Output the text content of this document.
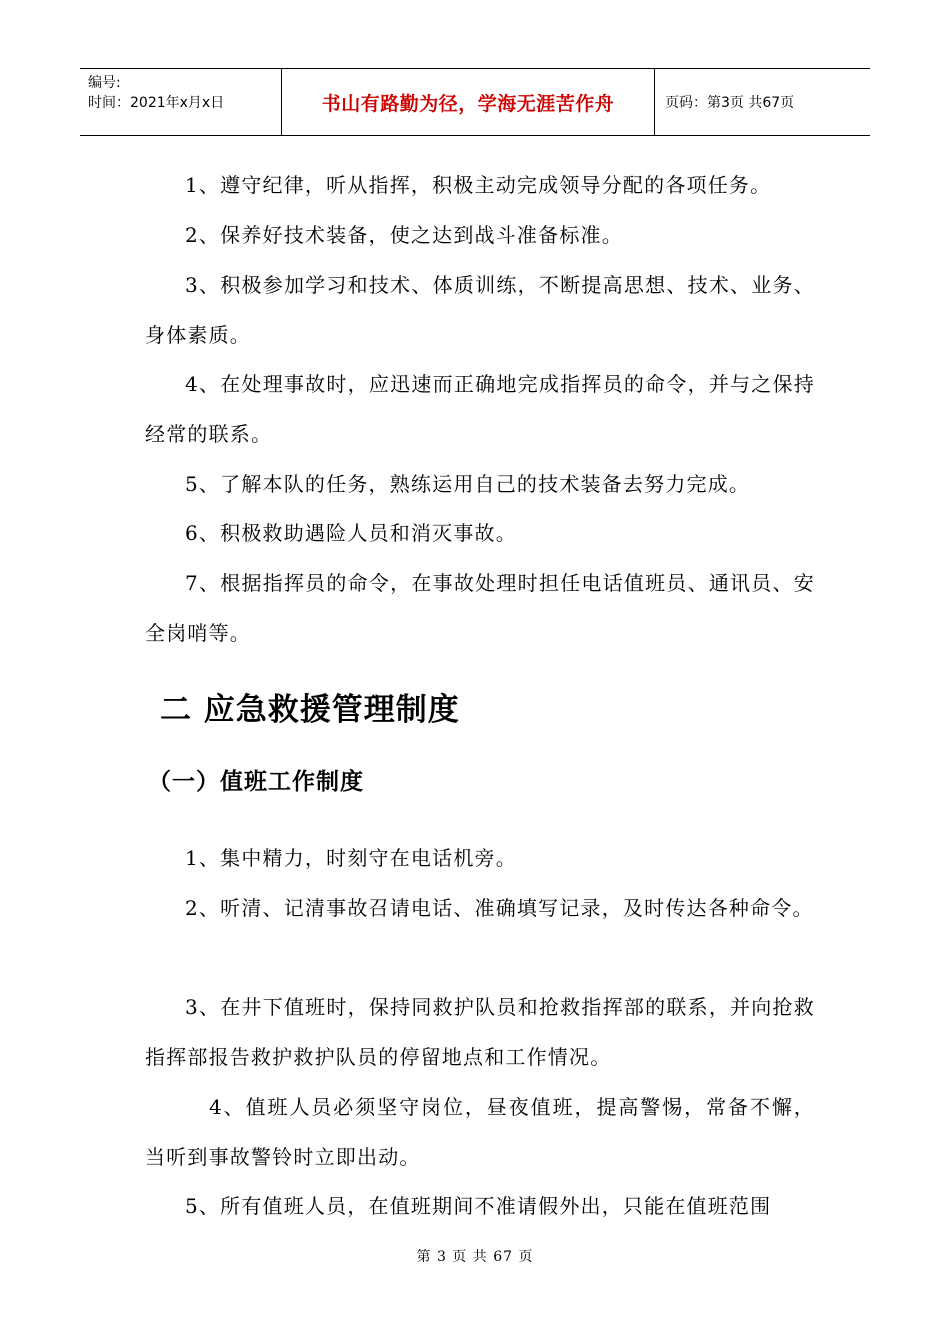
编号:
时间：2021年x月x日	书山有路勤为径，学海无涯苦作舟	页码：第3页 共67页
1、遵守纪律，听从指挥，积极主动完成领导分配的各项任务。
2、保养好技术装备，使之达到战斗准备标准。
3、积极参加学习和技术、体质训练，不断提高思想、技术、业务、身体素质。
4、在处理事故时，应迅速而正确地完成指挥员的命令，并与之保持经常的联系。
5、了解本队的任务，熟练运用自己的技术装备去努力完成。
6、积极救助遇险人员和消灭事故。
7、根据指挥员的命令，在事故处理时担任电话值班员、通讯员、安全岗哨等。
二 应急救援管理制度
（一）值班工作制度
1、集中精力，时刻守在电话机旁。
2、听清、记清事故召请电话、准确填写记录，及时传达各种命令。
3、在井下值班时，保持同救护队员和抢救指挥部的联系，并向抢救指挥部报告救护救护队员的停留地点和工作情况。
4、值班人员必须坚守岗位，昼夜值班，提高警惕，常备不懈，当听到事故警铃时立即出动。
5、所有值班人员，在值班期间不准请假外出，只能在值班范围
第 3 页 共 67 页
